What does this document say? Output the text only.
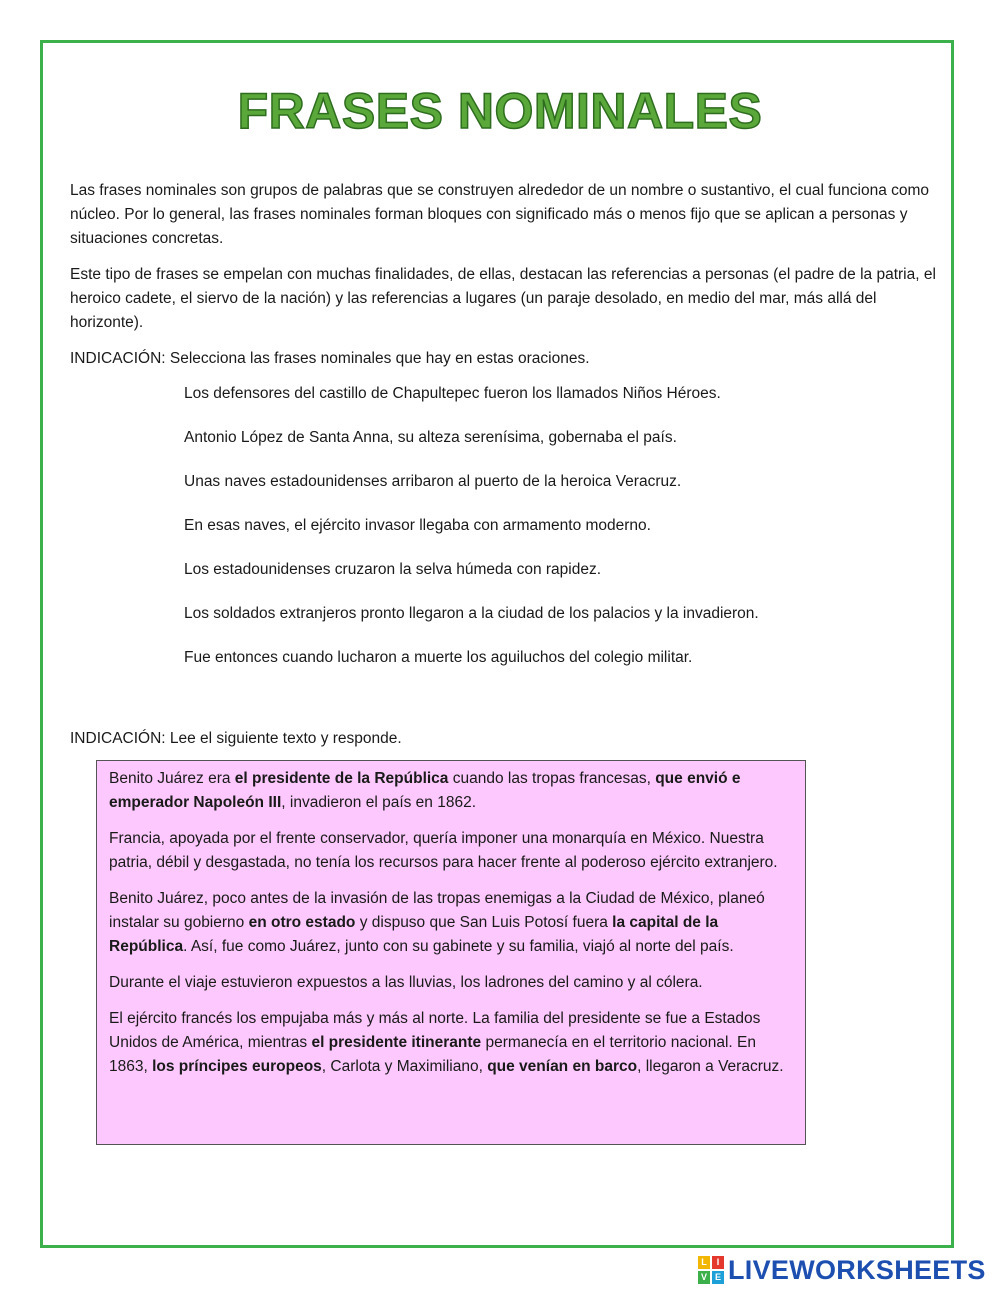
FRASES NOMINALES

Las frases nominales son grupos de palabras que se construyen alrededor de un nombre o sustantivo, el cual funciona como núcleo. Por lo general, las frases nominales forman bloques con significado más o menos fijo que se aplican a personas y situaciones concretas.

Este tipo de frases se empelan con muchas finalidades, de ellas, destacan las referencias a personas (el padre de la patria, el heroico cadete, el siervo de la nación) y las referencias a lugares (un paraje desolado, en medio del mar, más allá del horizonte).

INDICACIÓN: Selecciona las frases nominales que hay en estas oraciones.

Los defensores del castillo de Chapultepec fueron los llamados Niños Héroes.
Antonio López de Santa Anna, su alteza serenísima, gobernaba el país.
Unas naves estadounidenses arribaron al puerto de la heroica Veracruz.
En esas naves, el ejército invasor llegaba con armamento moderno.
Los estadounidenses cruzaron la selva húmeda con rapidez.
Los soldados extranjeros pronto llegaron a la ciudad de los palacios y la invadieron.
Fue entonces cuando lucharon a muerte los aguiluchos del colegio militar.

INDICACIÓN: Lee el siguiente texto y responde.

Benito Juárez era el presidente de la República cuando las tropas francesas, que envió e emperador Napoleón III, invadieron el país en 1862.

Francia, apoyada por el frente conservador, quería imponer una monarquía en México. Nuestra patria, débil y desgastada, no tenía los recursos para hacer frente al poderoso ejército extranjero.

Benito Juárez, poco antes de la invasión de las tropas enemigas a la Ciudad de México, planeó instalar su gobierno en otro estado y dispuso que San Luis Potosí fuera la capital de la República. Así, fue como Juárez, junto con su gabinete y su familia, viajó al norte del país.

Durante el viaje estuvieron expuestos a las lluvias, los ladrones del camino y al cólera.

El ejército francés los empujaba más y más al norte. La familia del presidente se fue a Estados Unidos de América, mientras el presidente itinerante permanecía en el territorio nacional. En 1863, los príncipes europeos, Carlota y Maximiliano, que venían en barco, llegaron a Veracruz.

L	I
V E LIVEWORKSHEETS
